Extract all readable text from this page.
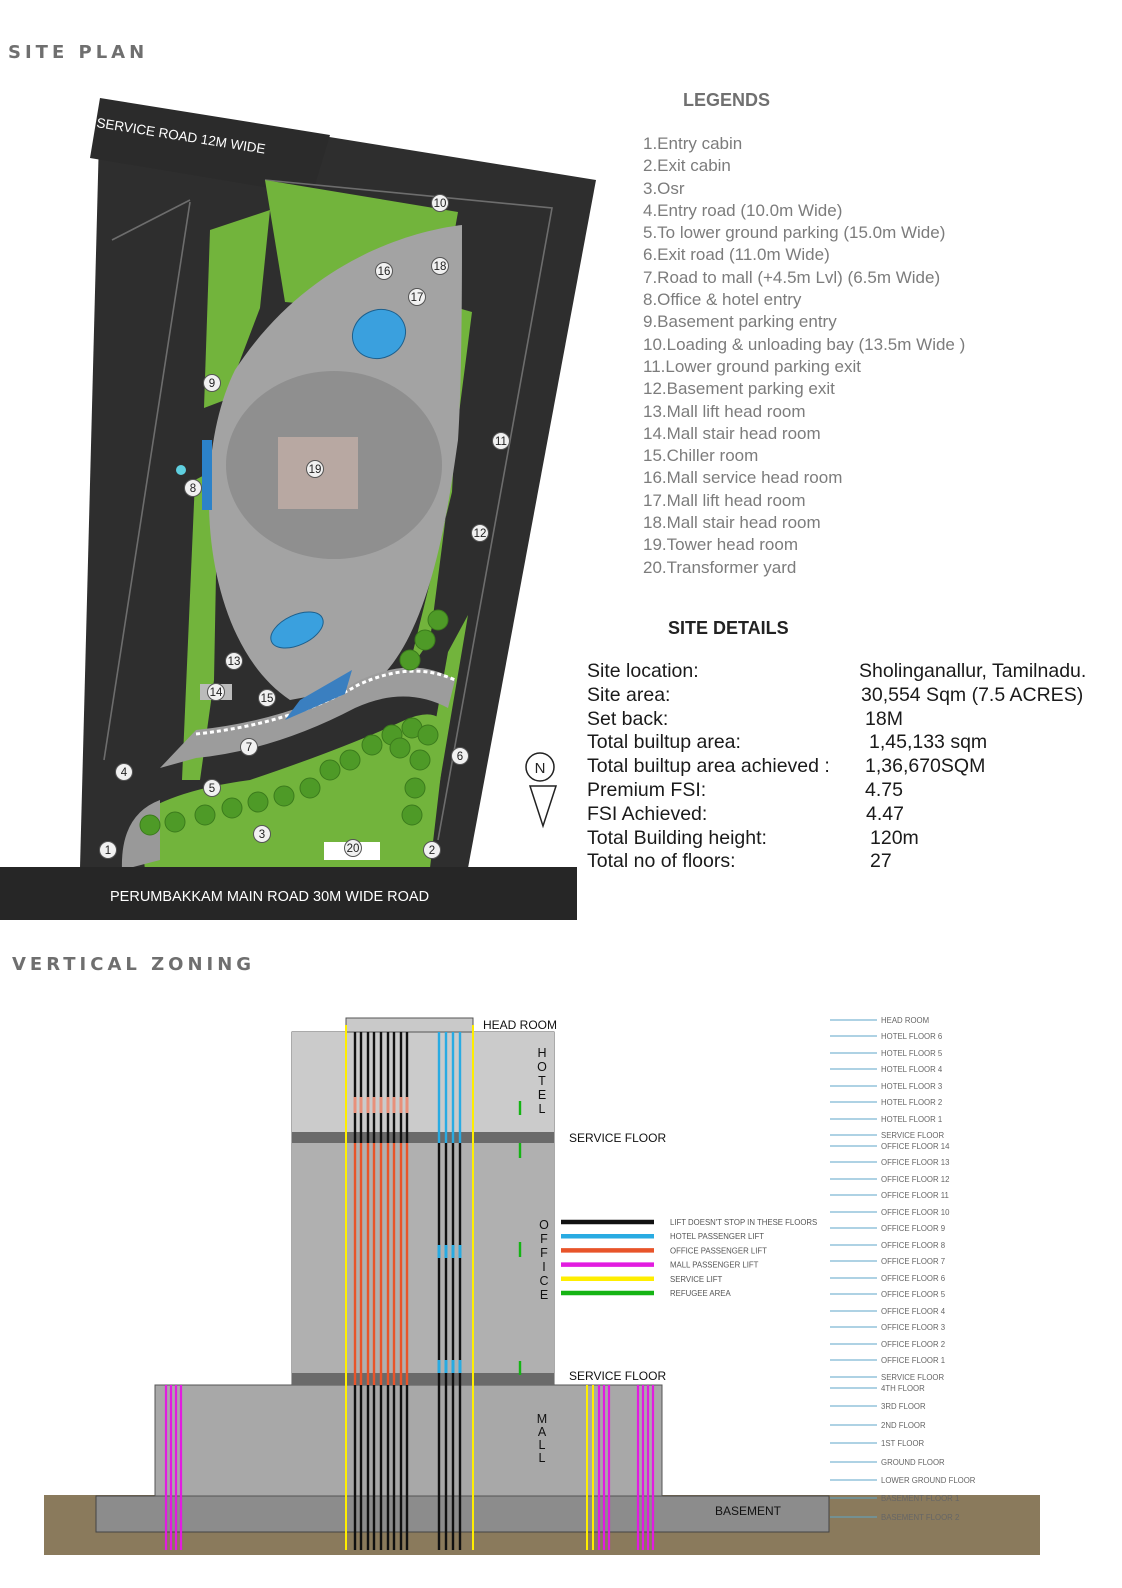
SITE PLAN
SERVICE ROAD 12M WIDE
1	2
3
4
5
6
7
8
9
10
11
12
13
14	15
16
17
18
19
20
PERUMBAKKAM MAIN ROAD 30M WIDE ROAD
N
LEGENDS
1.Entry cabin
2.Exit cabin
3.Osr
4.Entry road (10.0m Wide)
5.To lower ground parking (15.0m Wide)
6.Exit road (11.0m Wide)
7.Road to mall (+4.5m Lvl) (6.5m Wide)
8.Office & hotel entry
9.Basement parking entry
10.Loading & unloading bay (13.5m Wide )
11.Lower ground parking exit
12.Basement parking exit
13.Mall lift head room
14.Mall stair head room
15.Chiller room
16.Mall service head room
17.Mall lift head room
18.Mall stair head room
19.Tower head room
20.Transformer yard
SITE DETAILS
Site location:	Sholinganallur, Tamilnadu.
Site area:	30,554 Sqm (7.5 ACRES)
Set back:	18M
Total builtup area:	1,45,133 sqm
Total builtup area achieved : 1,36,670SQM
Premium FSI:	4.75
FSI Achieved:	4.47
Total Building height:	120m
Total no of floors:	27
VERTICAL ZONING
HEAD ROOM
SERVICE FLOOR
SERVICE FLOOR
BASEMENT
H O T E L
O F F I C E
M A L L
LIFT DOESN'T STOP IN THESE FLOORS
HOTEL PASSENGER LIFT
OFFICE PASSENGER LIFT
MALL PASSENGER LIFT
SERVICE LIFT
REFUGEE AREA
HEAD ROOM
HOTEL FLOOR 6
HOTEL FLOOR 5
HOTEL FLOOR 4
HOTEL FLOOR 3
HOTEL FLOOR 2
HOTEL FLOOR 1
SERVICE FLOOR
OFFICE FLOOR 14
OFFICE FLOOR 13
OFFICE FLOOR 12
OFFICE FLOOR 11
OFFICE FLOOR 10
OFFICE FLOOR 9
OFFICE FLOOR 8
OFFICE FLOOR 7
OFFICE FLOOR 6
OFFICE FLOOR 5
OFFICE FLOOR 4
OFFICE FLOOR 3
OFFICE FLOOR 2
OFFICE FLOOR 1
SERVICE FLOOR
4TH FLOOR
3RD FLOOR
2ND FLOOR
1ST FLOOR
GROUND FLOOR
LOWER GROUND FLOOR
BASEMENT FLOOR 1
BASEMENT FLOOR 2
